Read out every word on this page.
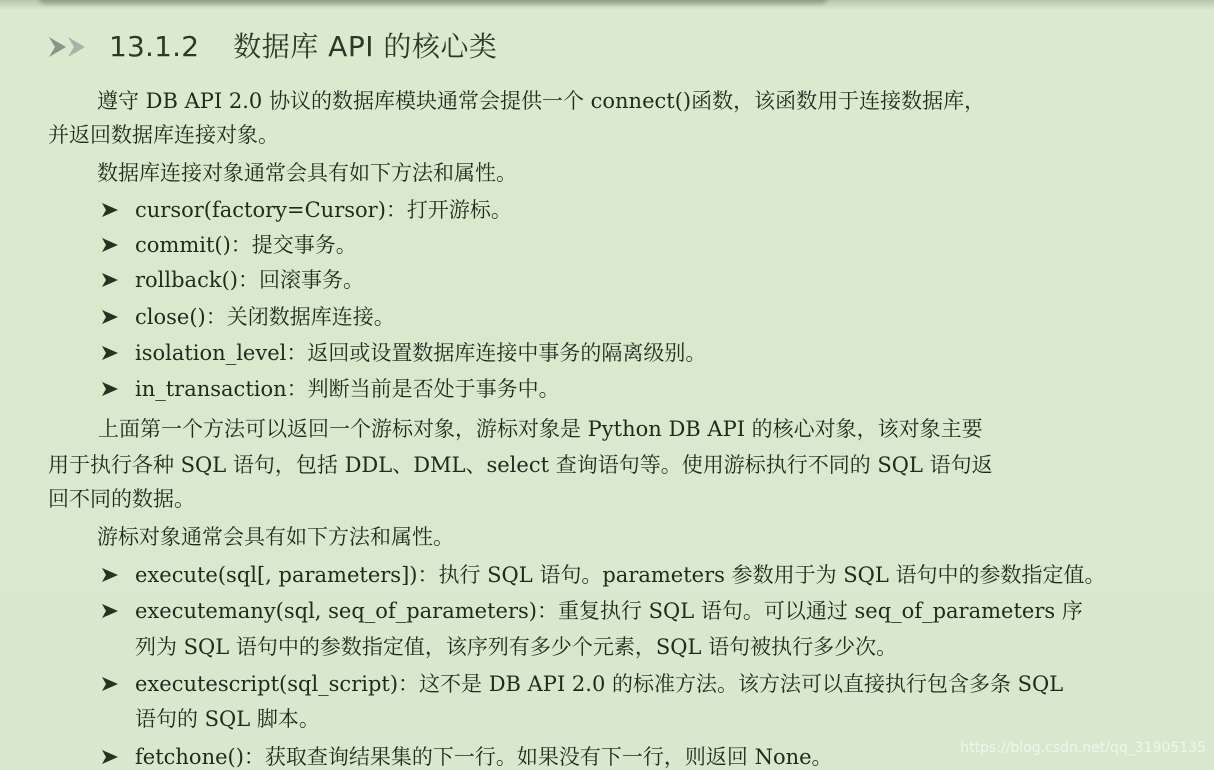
13.1.2 数据库 API 的核心类
遵守 DB API 2.0 协议的数据库模块通常会提供一个 connect()函数，该函数用于连接数据库，
并返回数据库连接对象。
数据库连接对象通常会具有如下方法和属性。
cursor(factory=Cursor)：打开游标。
commit()：提交事务。
rollback()：回滚事务。
close()：关闭数据库连接。
isolation_level：返回或设置数据库连接中事务的隔离级别。
in_transaction：判断当前是否处于事务中。
上面第一个方法可以返回一个游标对象，游标对象是 Python DB API 的核心对象，该对象主要
用于执行各种 SQL 语句，包括 DDL、DML、select 查询语句等。使用游标执行不同的 SQL 语句返
回不同的数据。
游标对象通常会具有如下方法和属性。
execute(sql[, parameters])：执行 SQL 语句。parameters 参数用于为 SQL 语句中的参数指定值。
executemany(sql, seq_of_parameters)：重复执行 SQL 语句。可以通过 seq_of_parameters 序
列为 SQL 语句中的参数指定值，该序列有多少个元素，SQL 语句被执行多少次。
executescript(sql_script)：这不是 DB API 2.0 的标准方法。该方法可以直接执行包含多条 SQL
语句的 SQL 脚本。
fetchone()：获取查询结果集的下一行。如果没有下一行，则返回 None。	https://blog.csdn.net/qq_31905135
